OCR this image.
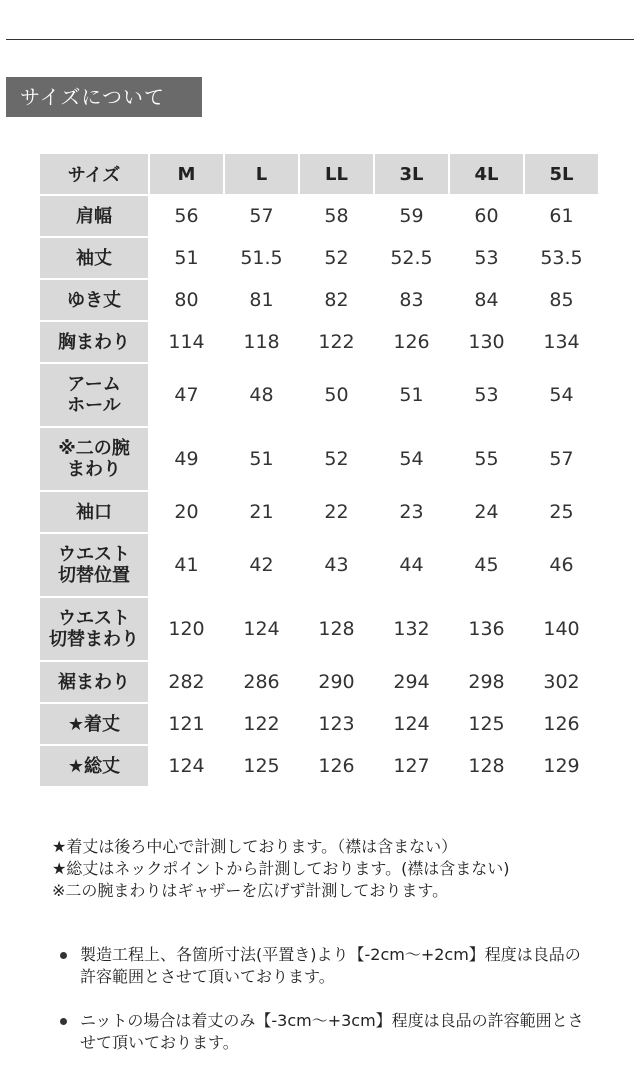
サイズについて
サイズ	M	L	LL	3L	4L	5L
肩幅	56	57	58	59	60	61
袖丈	51	51.5	52	52.5	53	53.5
ゆき丈	80	81	82	83	84	85
胸まわり	114	118	122	126	130	134
アーム
ホール	47	48	50	51	53	54
※二の腕
まわり	49	51	52	54	55	57
袖口	20	21	22	23	24	25
ウエスト
切替位置	41	42	43	44	45	46
ウエスト
切替まわり	120	124	128	132	136	140
裾まわり	282	286	290	294	298	302
★着丈	121	122	123	124	125	126
★総丈	124	125	126	127	128	129

★着丈は後ろ中心で計測しております。（襟は含まない）

★総丈はネックポイントから計測しております。(襟は含まない)

※二の腕まわりはギャザーを広げず計測しております。

製造工程上、各箇所寸法(平置き)より【-2cm～+2cm】程度は良品の許容範囲とさせて頂いております。
ニットの場合は着丈のみ【-3cm～+3cm】程度は良品の許容範囲とさせて頂いております。
